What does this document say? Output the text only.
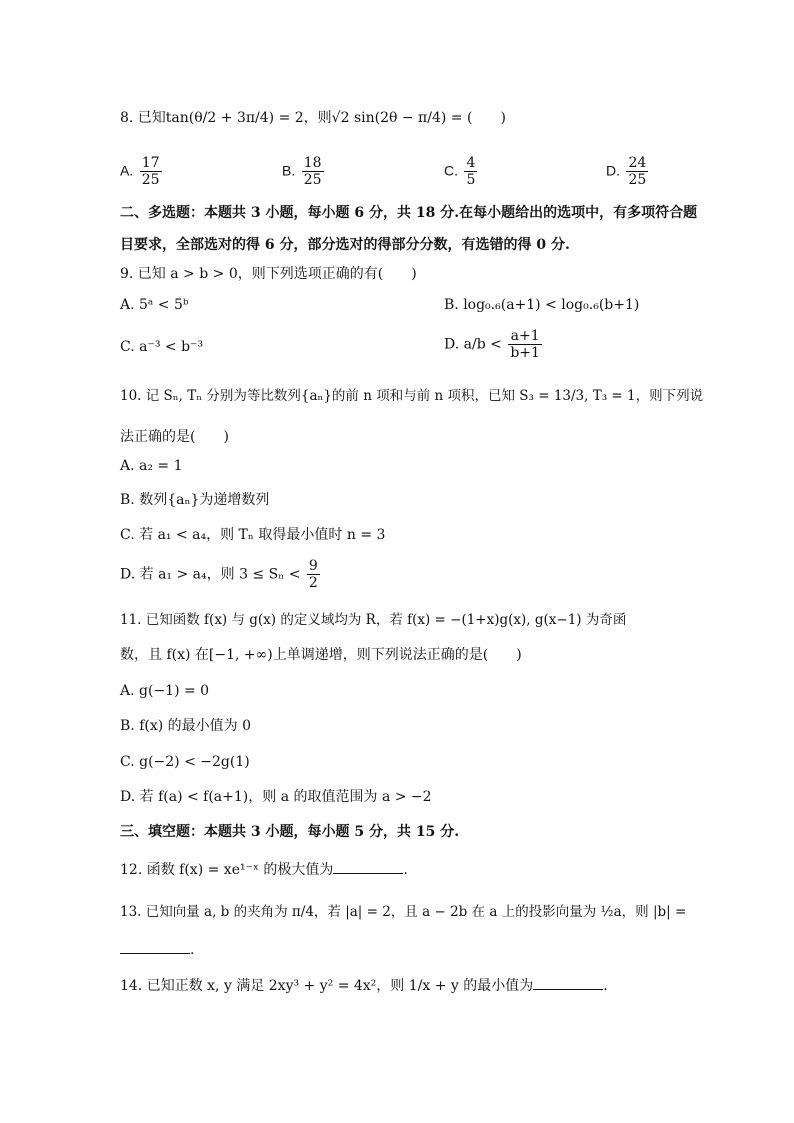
8. 已知tan(θ/2 + 3π/4) = 2，则√2 sin(2θ − π/4) = (　　)
A. $\frac{17}{25}$	B. $\frac{18}{25}$	C. $\frac{4}{5}$	D. $\frac{24}{25}$
二、多选题：本题共 3 小题，每小题 6 分，共 18 分.在每小题给出的选项中，有多项符合题
目要求，全部选对的得 6 分，部分选对的得部分分数，有选错的得 0 分.
9. 已知 a > b > 0，则下列选项正确的有(　　)
A. 5ᵃ < 5ᵇ	B. log₀.₆(a+1) < log₀.₆(b+1)
C. a⁻³ < b⁻³	D. $a/b < \frac{a+1}{b+1}$
10. 记 Sₙ, Tₙ 分别为等比数列{aₙ}的前 n 项和与前 n 项积，已知 S₃ = 13/3, T₃ = 1，则下列说
法正确的是(　　)
A. a₂ = 1
B. 数列{aₙ}为递增数列
C. 若 a₁ < a₄，则 Tₙ 取得最小值时 n = 3
D. 若 a₁ > a₄，则 $3 \le S_n < \frac{9}{2}$
11. 已知函数 f(x) 与 g(x) 的定义域均为 R，若 f(x) = −(1+x)g(x), g(x−1) 为奇函
数，且 f(x) 在[−1, +∞)上单调递增，则下列说法正确的是(　　)
A. g(−1) = 0
B. f(x) 的最小值为 0
C. g(−2) < −2g(1)
D. 若 f(a) < f(a+1)，则 a 的取值范围为 a > −2
三、填空题：本题共 3 小题，每小题 5 分，共 15 分.
12. 函数 f(x) = xe¹⁻ˣ 的极大值为	.
13. 已知向量 a, b 的夹角为 π/4，若 |a| = 2，且 a − 2b 在 a 上的投影向量为 ½a，则 |b| =
.
14. 已知正数 x, y 满足 2xy³ + y² = 4x²，则 1/x + y 的最小值为	.
